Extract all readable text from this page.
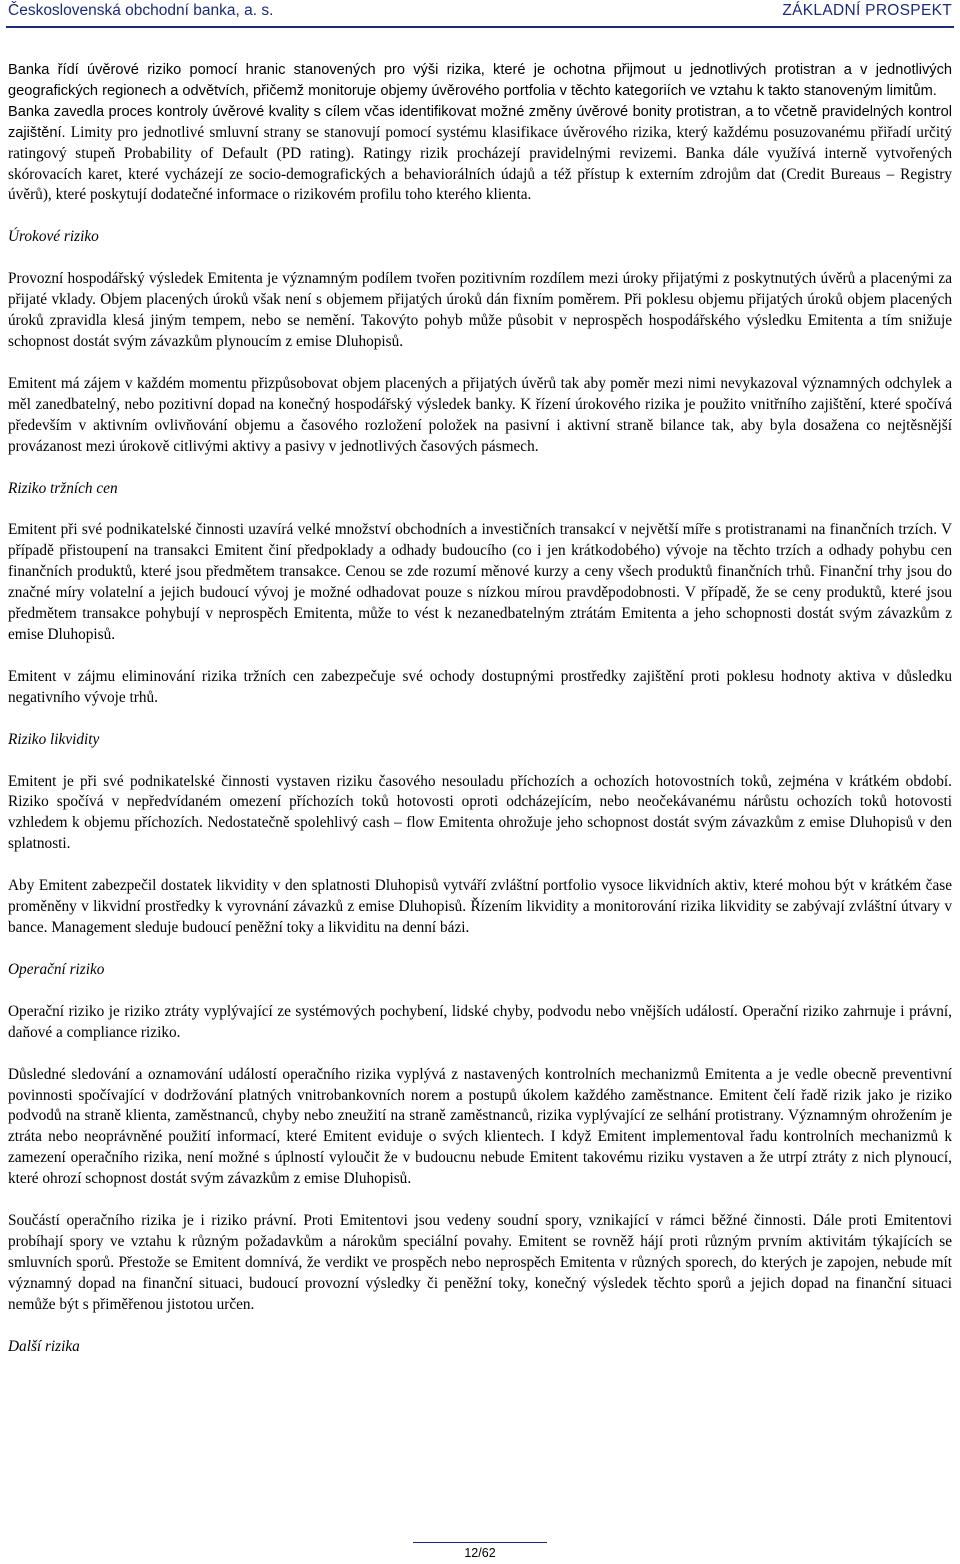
Československá obchodní banka, a. s.	ZÁKLADNÍ PROSPEKT

Banka řídí úvěrové riziko pomocí hranic stanovených pro výši rizika, které je ochotna přijmout u jednotlivých protistran a v jednotlivých geografických regionech a odvětvích, přičemž monitoruje objemy úvěrového portfolia v těchto kategoriích ve vztahu k takto stanoveným limitům.

Banka zavedla proces kontroly úvěrové kvality s cílem včas identifikovat možné změny úvěrové bonity protistran, a to včetně pravidelných kontrol zajištění. Limity pro jednotlivé smluvní strany se stanovují pomocí systému klasifikace úvěrového rizika, který každému posuzovanému přiřadí určitý ratingový stupeň Probability of Default (PD rating). Ratingy rizik procházejí pravidelnými revizemi. Banka dále využívá interně vytvořených skórovacích karet, které vycházejí ze socio-demografických a behaviorálních údajů a též přístup k externím zdrojům dat (Credit Bureaus – Registry úvěrů), které poskytují dodatečné informace o rizikovém profilu toho kterého klienta.

Úrokové riziko

Provozní hospodářský výsledek Emitenta je významným podílem tvořen pozitivním rozdílem mezi úroky přijatými z poskytnutých úvěrů a placenými za přijaté vklady. Objem placených úroků však není s objemem přijatých úroků dán fixním poměrem. Při poklesu objemu přijatých úroků objem placených úroků zpravidla klesá jiným tempem, nebo se nemění. Takovýto pohyb může působit v neprospěch hospodářského výsledku Emitenta a tím snižuje schopnost dostát svým závazkům plynoucím z emise Dluhopisů.

Emitent má zájem v každém momentu přizpůsobovat objem placených a přijatých úvěrů tak aby poměr mezi nimi nevykazoval významných odchylek a měl zanedbatelný, nebo pozitivní dopad na konečný hospodářský výsledek banky. K řízení úrokového rizika je použito vnitřního zajištění, které spočívá především v aktivním ovlivňování objemu a časového rozložení položek na pasivní i aktivní straně bilance tak, aby byla dosažena co nejtěsnější provázanost mezi úrokově citlivými aktivy a pasivy v jednotlivých časových pásmech.

Riziko tržních cen

Emitent při své podnikatelské činnosti uzavírá velké množství obchodních a investičních transakcí v největší míře s protistranami na finančních trzích. V případě přistoupení na transakci Emitent činí předpoklady a odhady budoucího (co i jen krátkodobého) vývoje na těchto trzích a odhady pohybu cen finančních produktů, které jsou předmětem transakce. Cenou se zde rozumí měnové kurzy a ceny všech produktů finančních trhů. Finanční trhy jsou do značné míry volatelní a jejich budoucí vývoj je možné odhadovat pouze s nízkou mírou pravděpodobnosti. V případě, že se ceny produktů, které jsou předmětem transakce pohybují v neprospěch Emitenta, může to vést k nezanedbatelným ztrátám Emitenta a jeho schopnosti dostát svým závazkům z emise Dluhopisů.

Emitent v zájmu eliminování rizika tržních cen zabezpečuje své ochody dostupnými prostředky zajištění proti poklesu hodnoty aktiva v důsledku negativního vývoje trhů.

Riziko likvidity

Emitent je při své podnikatelské činnosti vystaven riziku časového nesouladu příchozích a ochozích hotovostních toků, zejména v krátkém období. Riziko spočívá v nepředvídaném omezení příchozích toků hotovosti oproti odcházejícím, nebo neočekávanému nárůstu ochozích toků hotovosti vzhledem k objemu příchozích. Nedostatečně spolehlivý cash – flow Emitenta ohrožuje jeho schopnost dostát svým závazkům z emise Dluhopisů v den splatnosti.

Aby Emitent zabezpečil dostatek likvidity v den splatnosti Dluhopisů vytváří zvláštní portfolio vysoce likvidních aktiv, které mohou být v krátkém čase proměněny v likvidní prostředky k vyrovnání závazků z emise Dluhopisů. Řízením likvidity a monitorování rizika likvidity se zabývají zvláštní útvary v bance. Management sleduje budoucí peněžní toky a likviditu na denní bázi.

Operační riziko

Operační riziko je riziko ztráty vyplývající ze systémových pochybení, lidské chyby, podvodu nebo vnějších událostí. Operační riziko zahrnuje i právní, daňové a compliance riziko.

Důsledné sledování a oznamování událostí operačního rizika vyplývá z nastavených kontrolních mechanizmů Emitenta a je vedle obecně preventivní povinnosti spočívající v dodržování platných vnitrobankovních norem a postupů úkolem každého zaměstnance. Emitent čelí řadě rizik jako je riziko podvodů na straně klienta, zaměstnanců, chyby nebo zneužití na straně zaměstnanců, rizika vyplývající ze selhání protistrany. Významným ohrožením je ztráta nebo neoprávněné použití informací, které Emitent eviduje o svých klientech. I když Emitent implementoval řadu kontrolních mechanizmů k zamezení operačního rizika, není možné s úplností vyloučit že v budoucnu nebude Emitent takovému riziku vystaven a že utrpí ztráty z nich plynoucí, které ohrozí schopnost dostát svým závazkům z emise Dluhopisů.

Součástí operačního rizika je i riziko právní. Proti Emitentovi jsou vedeny soudní spory, vznikající v rámci běžné činnosti. Dále proti Emitentovi probíhají spory ve vztahu k různým požadavkům a nárokům speciální povahy. Emitent se rovněž hájí proti různým prvním aktivitám týkajících se smluvních sporů. Přestože se Emitent domnívá, že verdikt ve prospěch nebo neprospěch Emitenta v různých sporech, do kterých je zapojen, nebude mít významný dopad na finanční situaci, budoucí provozní výsledky či peněžní toky, konečný výsledek těchto sporů a jejich dopad na finanční situaci nemůže být s přiměřenou jistotou určen.

Další rizika

12/62
